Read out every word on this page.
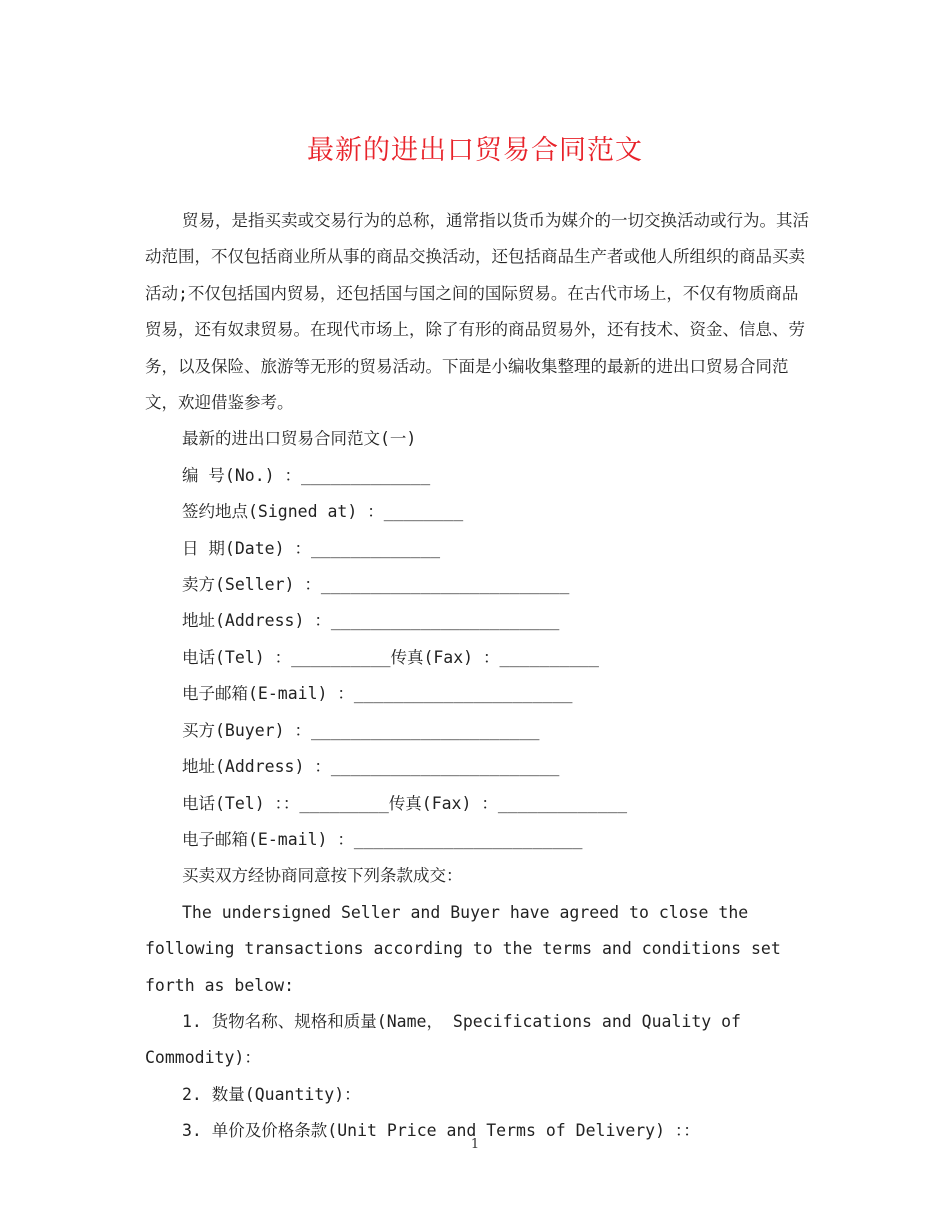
最新的进出口贸易合同范文

贸易，是指买卖或交易行为的总称，通常指以货币为媒介的一切交换活动或行为。其活动范围，不仅包括商业所从事的商品交换活动，还包括商品生产者或他人所组织的商品买卖活动;不仅包括国内贸易，还包括国与国之间的国际贸易。在古代市场上，不仅有物质商品贸易，还有奴隶贸易。在现代市场上，除了有形的商品贸易外，还有技术、资金、信息、劳务，以及保险、旅游等无形的贸易活动。下面是小编收集整理的最新的进出口贸易合同范文，欢迎借鉴参考。

最新的进出口贸易合同范文(一)

编 号(No.) ：_____________

签约地点(Signed at) ：________

日 期(Date) ：_____________

卖方(Seller) ：_________________________

地址(Address) ：_______________________

电话(Tel) ：__________传真(Fax) ：__________

电子邮箱(E-mail) ：______________________

买方(Buyer) ：_______________________

地址(Address) ：_______________________

电话(Tel) ：：_________传真(Fax) ：_____________

电子邮箱(E-mail) ：_______________________

买卖双方经协商同意按下列条款成交：

The undersigned Seller and Buyer have agreed to close the following transactions according to the terms and conditions set forth as below:

1. 货物名称、规格和质量(Name， Specifications and Quality of Commodity)：

2. 数量(Quantity)：

3. 单价及价格条款(Unit Price and Terms of Delivery) ：：

1
